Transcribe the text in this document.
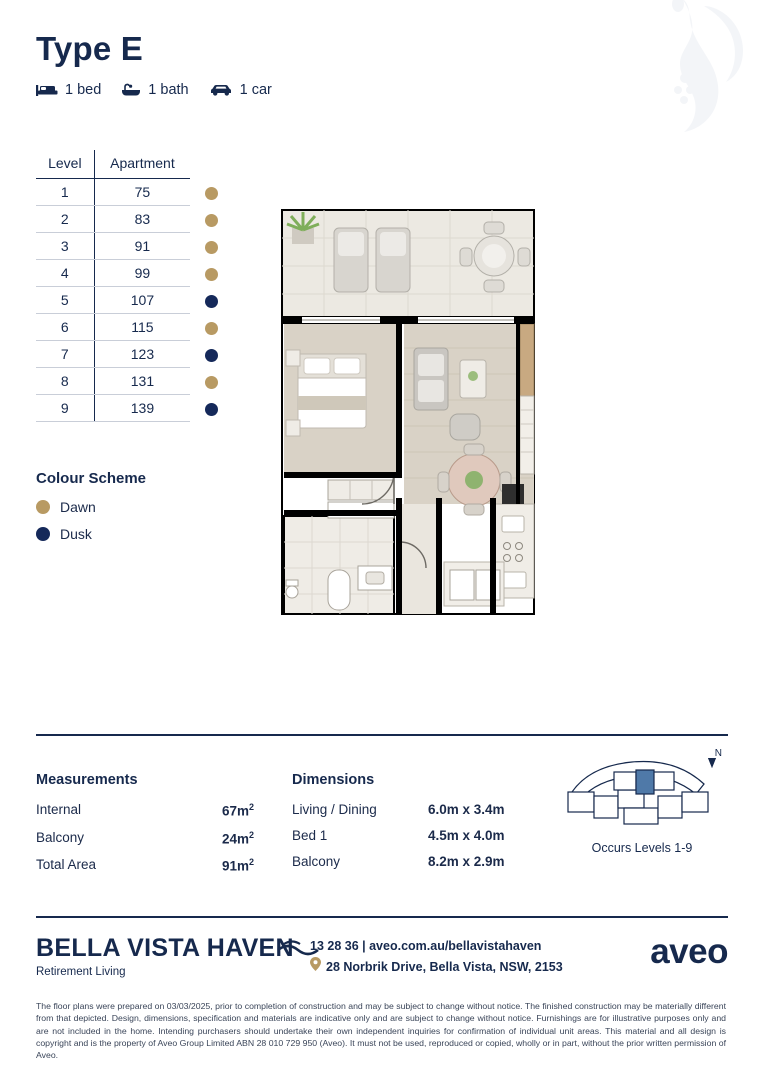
Type E
1 bed	1 bath	1 car
Level	Apartment	
1	75	
2	83	
3	91	
4	99	
5	107	
6	115	
7	123	
8	131	
9	139	
Colour Scheme
Dawn
Dusk
Measurements
Internal	$67m^2$
Balcony	$24m^2$
Total Area	$91m^2$
Dimensions
Living / Dining	6.0m x 3.4m
Bed 1	4.5m x 4.0m
Balcony	8.2m x 2.9m
N
Occurs Levels 1-9
BELLA VISTA HAVEN
Retirement Living
13 28 36 | aveo.com.au/bellavistahaven
28 Norbrik Drive, Bella Vista, NSW, 2153	aveo
The floor plans were prepared on 03/03/2025, prior to completion of construction and may be subject to change without notice. The finished construction may be materially different from that depicted. Design, dimensions, specification and materials are indicative only and are subject to change without notice. Furnishings are for illustrative purposes only and are not included in the home. Intending purchasers should undertake their own independent inquiries for confirmation of individual unit areas. This material and all design is copyright and is the property of Aveo Group Limited ABN 28 010 729 950 (Aveo). It must not be used, reproduced or copied, wholly or in part, without the prior written permission of Aveo.
